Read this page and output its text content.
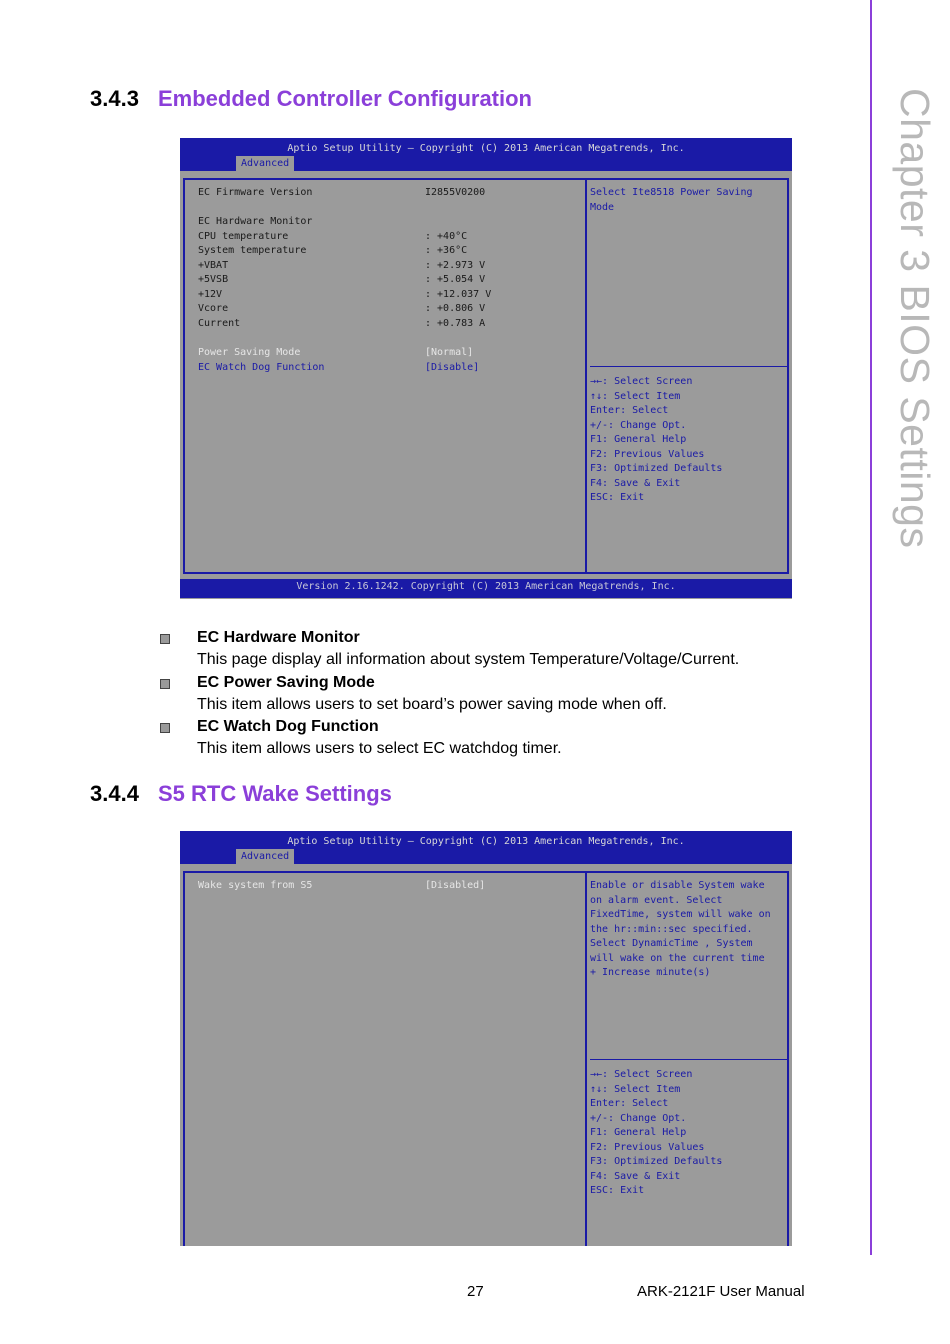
Chapter 3 BIOS Settings
3.4.3 Embedded Controller Configuration
Aptio Setup Utility – Copyright (C) 2013 American Megatrends, Inc.
Advanced
EC Firmware Version	I2855V0200
EC Hardware Monitor
CPU temperature	: +40°C
System temperature	: +36°C
+VBAT	: +2.973 V
+5VSB	: +5.054 V
+12V	: +12.037 V
Vcore	: +0.806 V
Current	: +0.783 A
Power Saving Mode	[Normal]
EC Watch Dog Function	[Disable]
Select Ite8518 Power Saving
Mode
→←: Select Screen
↑↓: Select Item
Enter: Select
+/-: Change Opt.
F1: General Help
F2: Previous Values
F3: Optimized Defaults
F4: Save & Exit
ESC: Exit
Version 2.16.1242. Copyright (C) 2013 American Megatrends, Inc.
EC Hardware Monitor
This page display all information about system Temperature/Voltage/Current.
EC Power Saving Mode
This item allows users to set board’s power saving mode when off.
EC Watch Dog Function
This item allows users to select EC watchdog timer.
3.4.4 S5 RTC Wake Settings
Aptio Setup Utility – Copyright (C) 2013 American Megatrends, Inc.
Advanced
Wake system from S5	[Disabled]	Enable or disable System wake
on alarm event. Select
FixedTime, system will wake on
the hr::min::sec specified.
Select DynamicTime , System
will wake on the current time
+ Increase minute(s)
→←: Select Screen
↑↓: Select Item
Enter: Select
+/-: Change Opt.
F1: General Help
F2: Previous Values
F3: Optimized Defaults
F4: Save & Exit
ESC: Exit
27	ARK-2121F User Manual
